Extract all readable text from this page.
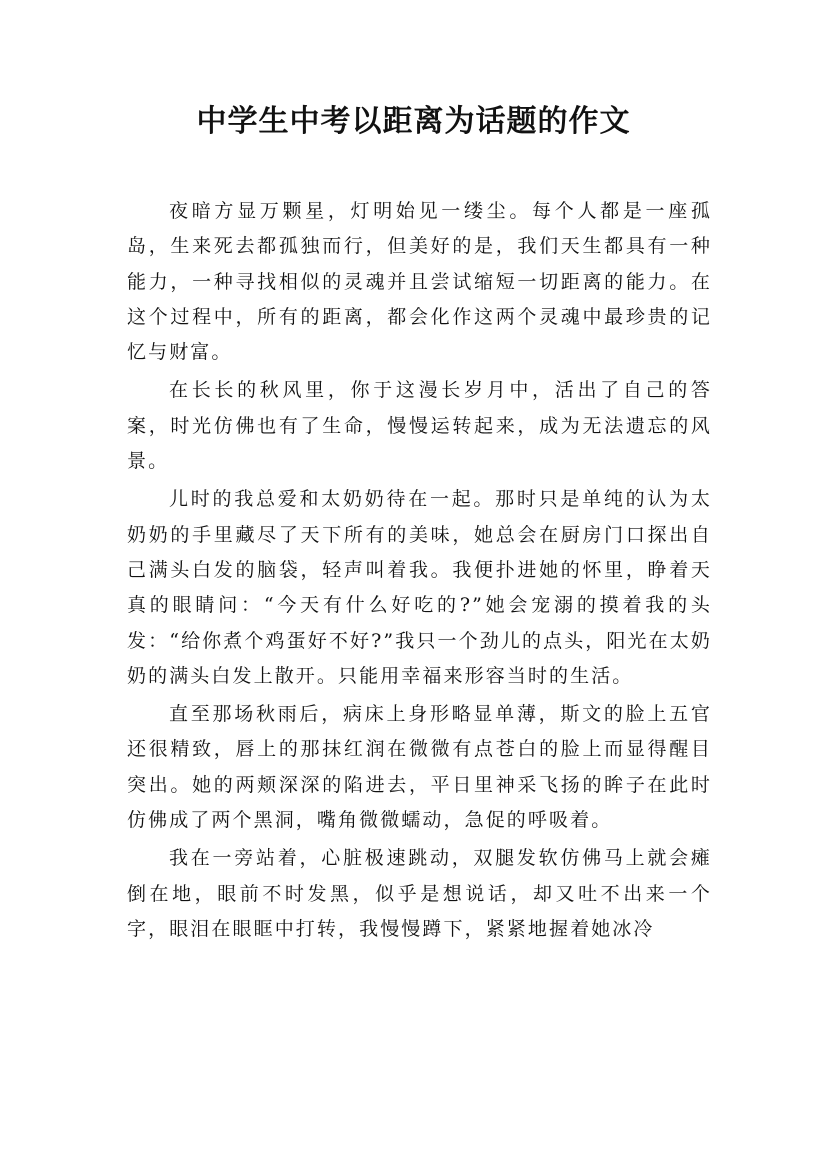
中学生中考以距离为话题的作文

夜暗方显万颗星，灯明始见一缕尘。每个人都是一座孤岛，生来死去都孤独而行，但美好的是，我们天生都具有一种能力，一种寻找相似的灵魂并且尝试缩短一切距离的能力。在这个过程中，所有的距离，都会化作这两个灵魂中最珍贵的记忆与财富。

在长长的秋风里，你于这漫长岁月中，活出了自己的答案，时光仿佛也有了生命，慢慢运转起来，成为无法遗忘的风景。

儿时的我总爱和太奶奶待在一起。那时只是单纯的认为太奶奶的手里藏尽了天下所有的美味，她总会在厨房门口探出自己满头白发的脑袋，轻声叫着我。我便扑进她的怀里，睁着天真的眼睛问：“今天有什么好吃的?”她会宠溺的摸着我的头发：“给你煮个鸡蛋好不好?”我只一个劲儿的点头，阳光在太奶奶的满头白发上散开。只能用幸福来形容当时的生活。

直至那场秋雨后，病床上身形略显单薄，斯文的脸上五官还很精致，唇上的那抹红润在微微有点苍白的脸上而显得醒目突出。她的两颊深深的陷进去，平日里神采飞扬的眸子在此时仿佛成了两个黑洞，嘴角微微蠕动，急促的呼吸着。

我在一旁站着，心脏极速跳动，双腿发软仿佛马上就会瘫倒在地，眼前不时发黑，似乎是想说话，却又吐不出来一个字，眼泪在眼眶中打转，我慢慢蹲下，紧紧地握着她冰冷
